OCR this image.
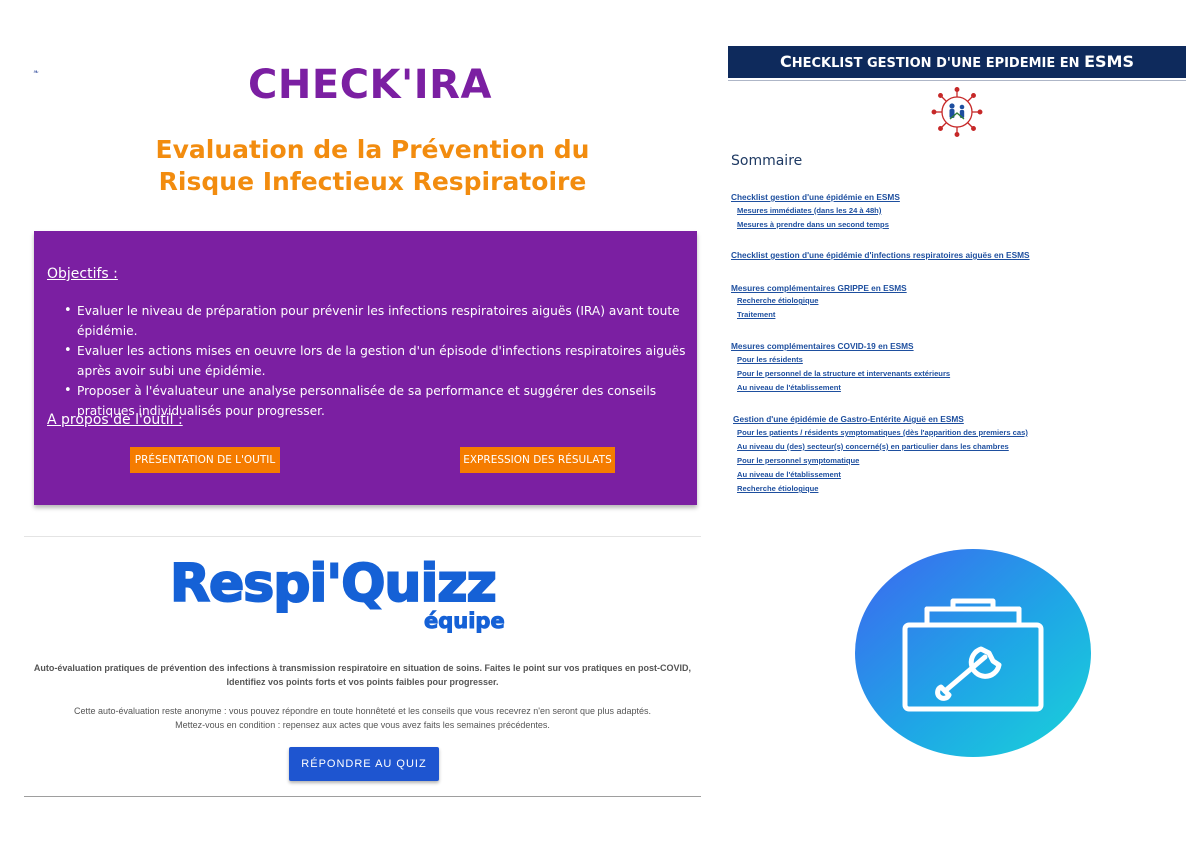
❧	CHECK'IRA
Evaluation de la Prévention du
Risque Infectieux Respiratoire
Objectifs :
• Evaluer le niveau de préparation pour prévenir les infections respiratoires aiguës (IRA) avant toute épidémie.
• Evaluer les actions mises en oeuvre lors de la gestion d'un épisode d'infections respiratoires aiguës après avoir subi une épidémie.
• Proposer à l'évaluateur une analyse personnalisée de sa performance et suggérer des conseils pratiques individualisés pour progresser.
A propos de l'outil :
PRÉSENTATION DE L'OUTIL	EXPRESSION DES RÉSULATS
Respi'Quizz
équipe
Auto-évaluation pratiques de prévention des infections à transmission respiratoire en situation de soins. Faites le point sur vos pratiques en post-COVID,
Identifiez vos points forts et vos points faibles pour progresser.
Cette auto-évaluation reste anonyme : vous pouvez répondre en toute honnêteté et les conseils que vous recevrez n'en seront que plus adaptés.
Mettez-vous en condition : repensez aux actes que vous avez faits les semaines précédentes.
RÉPONDRE AU QUIZ
CHECKLIST GESTION D'UNE EPIDEMIE EN ESMS
Sommaire
Checklist gestion d'une épidémie en ESMS
Mesures immédiates (dans les 24 à 48h)
Mesures à prendre dans un second temps
Checklist gestion d'une épidémie d'infections respiratoires aiguës en ESMS
Mesures complémentaires GRIPPE en ESMS
Recherche étiologique
Traitement
Mesures complémentaires COVID-19 en ESMS
Pour les résidents
Pour le personnel de la structure et intervenants extérieurs
Au niveau de l'établissement
Gestion d'une épidémie de Gastro-Entérite Aiguë en ESMS
Pour les patients / résidents symptomatiques (dès l'apparition des premiers cas)
Au niveau du (des) secteur(s) concerné(s) en particulier dans les chambres
Pour le personnel symptomatique
Au niveau de l'établissement
Recherche étiologique
